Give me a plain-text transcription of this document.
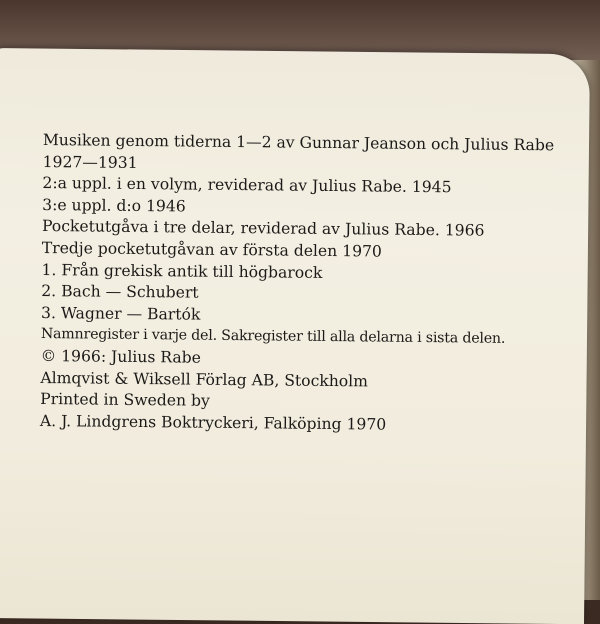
Musiken genom tiderna 1—2 av Gunnar Jeanson och Julius Rabe
1927—1931
2:a uppl. i en volym, reviderad av Julius Rabe. 1945
3:e uppl. d:o 1946
Pocketutgåva i tre delar, reviderad av Julius Rabe. 1966
Tredje pocketutgåvan av första delen 1970
1. Från grekisk antik till högbarock
2. Bach — Schubert
3. Wagner — Bartók
Namnregister i varje del. Sakregister till alla delarna i sista delen.
© 1966: Julius Rabe
Almqvist & Wiksell Förlag AB, Stockholm
Printed in Sweden by
A. J. Lindgrens Boktryckeri, Falköping 1970
